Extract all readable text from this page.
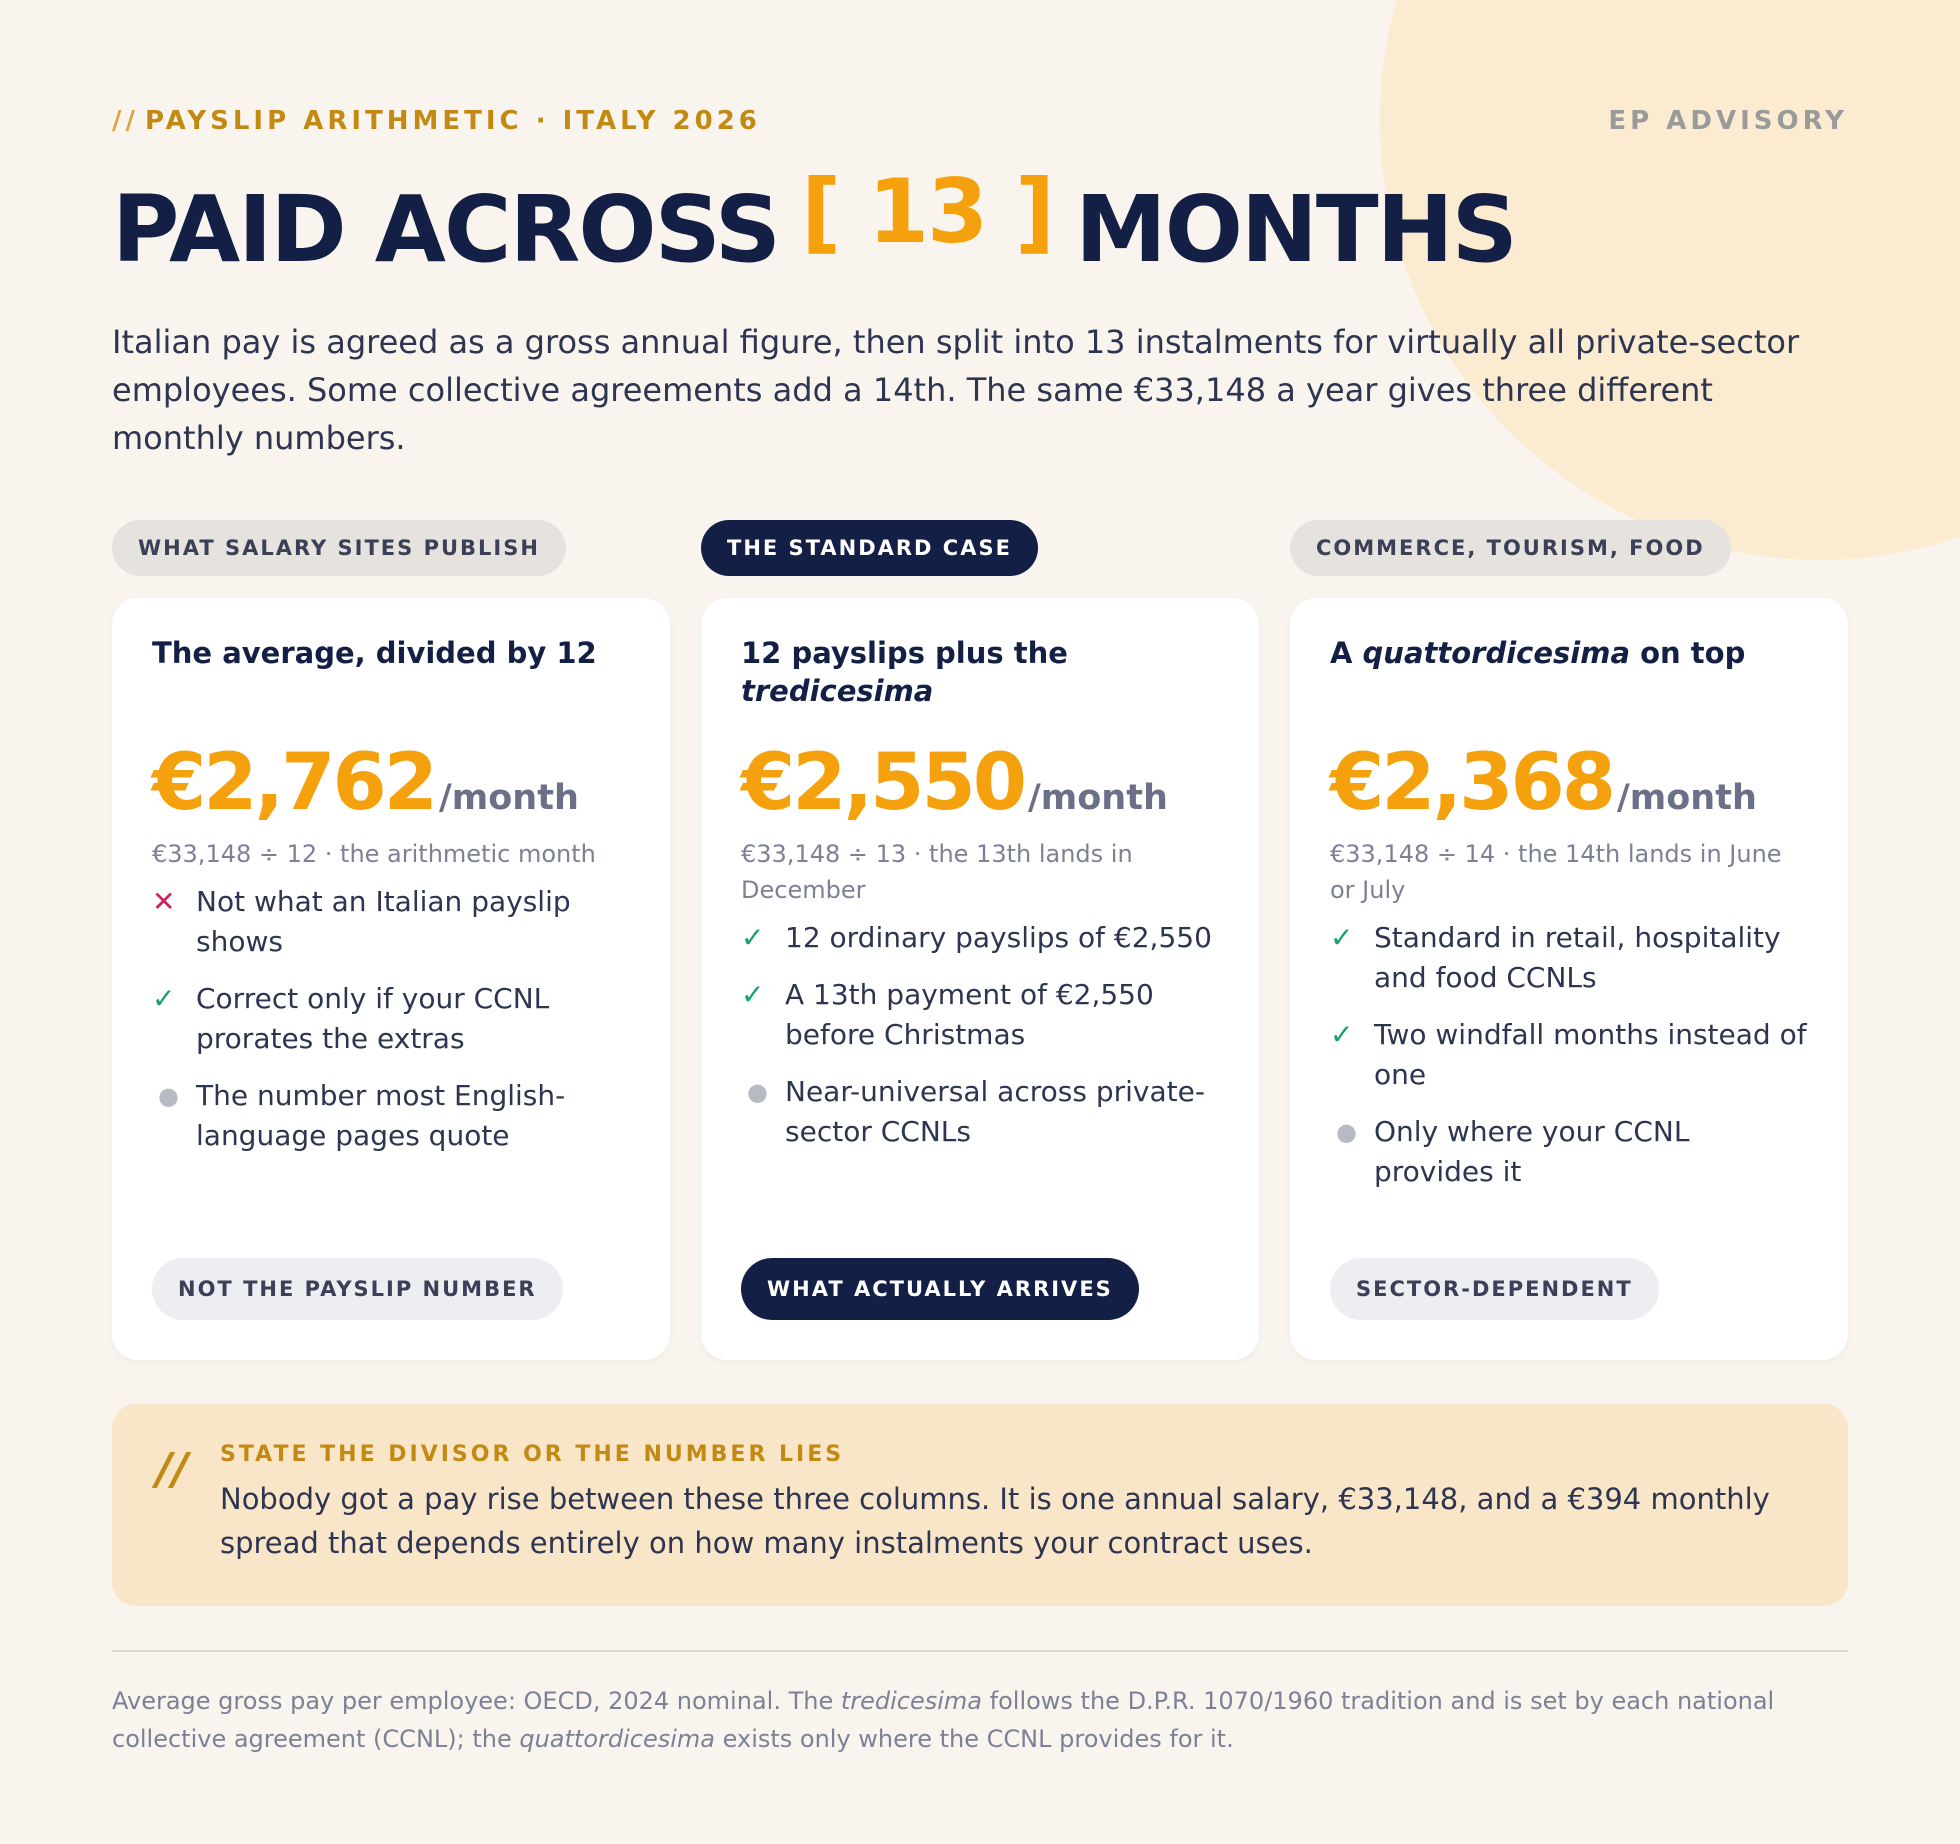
// PAYSLIP ARITHMETIC · ITALY 2026	EP ADVISORY
PAID ACROSS [ 13 ] MONTHS

Italian pay is agreed as a gross annual figure, then split into 13 instalments for virtually all private-sector employees. Some collective agreements add a 14th. The same €33,148 a year gives three different monthly numbers.

WHAT SALARY SITES PUBLISH
The average, divided by 12
€2,762 /month
€33,148 ÷ 12 · the arithmetic month
✕ Not what an Italian payslip shows
✓ Correct only if your CCNL prorates the extras
● The number most English-language pages quote
NOT THE PAYSLIP NUMBER
THE STANDARD CASE
12 payslips plus the
tredicesima
€2,550 /month
€33,148 ÷ 13 · the 13th lands in December
✓ 12 ordinary payslips of €2,550
✓ A 13th payment of €2,550 before Christmas
● Near-universal across private-sector CCNLs
WHAT ACTUALLY ARRIVES
COMMERCE, TOURISM, FOOD
A quattordicesima on top
€2,368 /month
€33,148 ÷ 14 · the 14th lands in June or July
✓ Standard in retail, hospitality and food CCNLs
✓ Two windfall months instead of one
● Only where your CCNL provides it
SECTOR-DEPENDENT
// STATE THE DIVISOR OR THE NUMBER LIES
Nobody got a pay rise between these three columns. It is one annual salary, €33,148, and a €394 monthly spread that depends entirely on how many instalments your contract uses.

Average gross pay per employee: OECD, 2024 nominal. The tredicesima follows the D.P.R. 1070/1960 tradition and is set by each national collective agreement (CCNL); the quattordicesima exists only where the CCNL provides for it.
